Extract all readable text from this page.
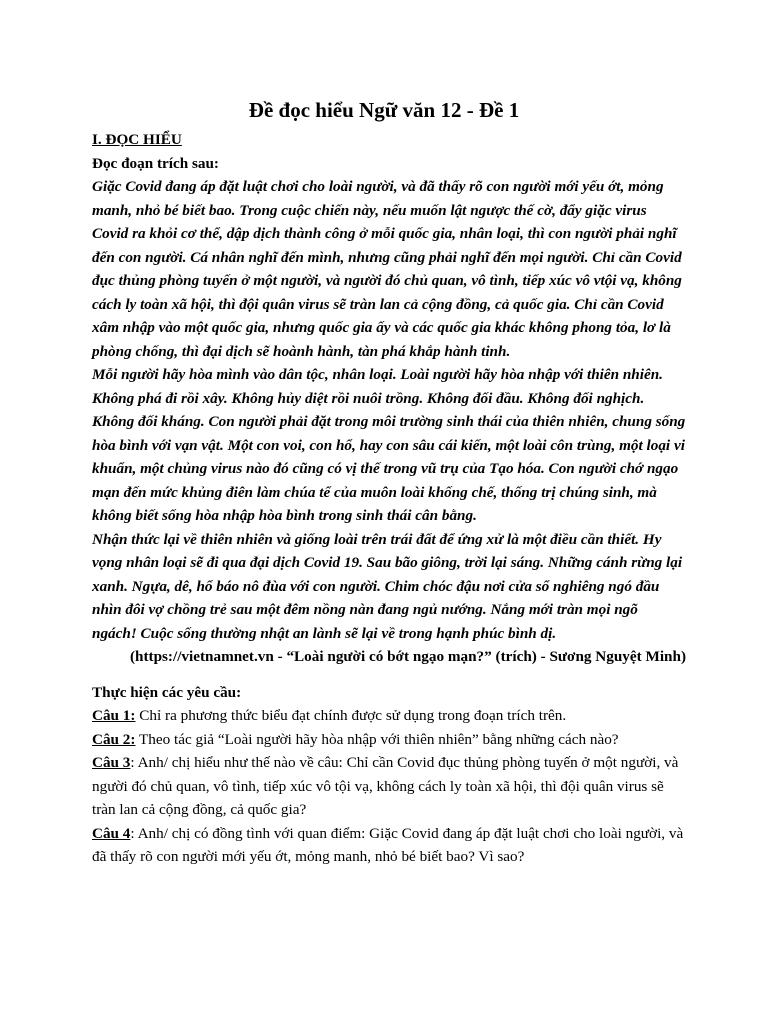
Đề đọc hiểu Ngữ văn 12 - Đề 1

I. ĐỌC HIỂU

Đọc đoạn trích sau:

Giặc Covid đang áp đặt luật chơi cho loài người, và đã thấy rõ con người mới yếu ớt, mỏng manh, nhỏ bé biết bao. Trong cuộc chiến này, nếu muốn lật ngược thế cờ, đẩy giặc virus Covid ra khỏi cơ thể, dập dịch thành công ở mỗi quốc gia, nhân loại, thì con người phải nghĩ đến con người. Cá nhân nghĩ đến mình, nhưng cũng phải nghĩ đến mọi người. Chỉ cần Covid đục thủng phòng tuyến ở một người, và người đó chủ quan, vô tình, tiếp xúc vô vtội vạ, không cách ly toàn xã hội, thì đội quân virus sẽ tràn lan cả cộng đồng, cả quốc gia. Chỉ cần Covid xâm nhập vào một quốc gia, nhưng quốc gia ấy và các quốc gia khác không phong tỏa, lơ là phòng chống, thì đại dịch sẽ hoành hành, tàn phá khắp hành tinh.

Mỗi người hãy hòa mình vào dân tộc, nhân loại. Loài người hãy hòa nhập với thiên nhiên. Không phá đi rồi xây. Không hủy diệt rồi nuôi trồng. Không đối đầu. Không đối nghịch. Không đối kháng. Con người phải đặt trong môi trường sinh thái của thiên nhiên, chung sống hòa bình với vạn vật. Một con voi, con hổ, hay con sâu cái kiến, một loài côn trùng, một loại vi khuẩn, một chủng virus nào đó cũng có vị thế trong vũ trụ của Tạo hóa. Con người chớ ngạo mạn đến mức khủng điên làm chúa tể của muôn loài khống chế, thống trị chúng sinh, mà không biết sống hòa nhập hòa bình trong sinh thái cân bằng.

Nhận thức lại về thiên nhiên và giống loài trên trái đất để ứng xử là một điều cần thiết. Hy vọng nhân loại sẽ đi qua đại dịch Covid 19. Sau bão giông, trời lại sáng. Những cánh rừng lại xanh. Ngựa, dê, hổ báo nô đùa với con người. Chim chóc đậu nơi cửa sổ nghiêng ngó đầu nhìn đôi vợ chồng trẻ sau một đêm nồng nàn đang ngủ nướng. Nắng mới tràn mọi ngõ ngách! Cuộc sống thường nhật an lành sẽ lại về trong hạnh phúc bình dị.

(https://vietnamnet.vn - “Loài người có bớt ngạo mạn?” (trích) - Sương Nguyệt Minh)

Thực hiện các yêu cầu:

Câu 1: Chỉ ra phương thức biểu đạt chính được sử dụng trong đoạn trích trên.

Câu 2: Theo tác giả “Loài người hãy hòa nhập với thiên nhiên” bằng những cách nào?

Câu 3: Anh/ chị hiểu như thế nào về câu: Chỉ cần Covid đục thủng phòng tuyến ở một người, và người đó chủ quan, vô tình, tiếp xúc vô tội vạ, không cách ly toàn xã hội, thì đội quân virus sẽ tràn lan cả cộng đồng, cả quốc gia?

Câu 4: Anh/ chị có đồng tình với quan điểm: Giặc Covid đang áp đặt luật chơi cho loài người, và đã thấy rõ con người mới yếu ớt, mỏng manh, nhỏ bé biết bao? Vì sao?
